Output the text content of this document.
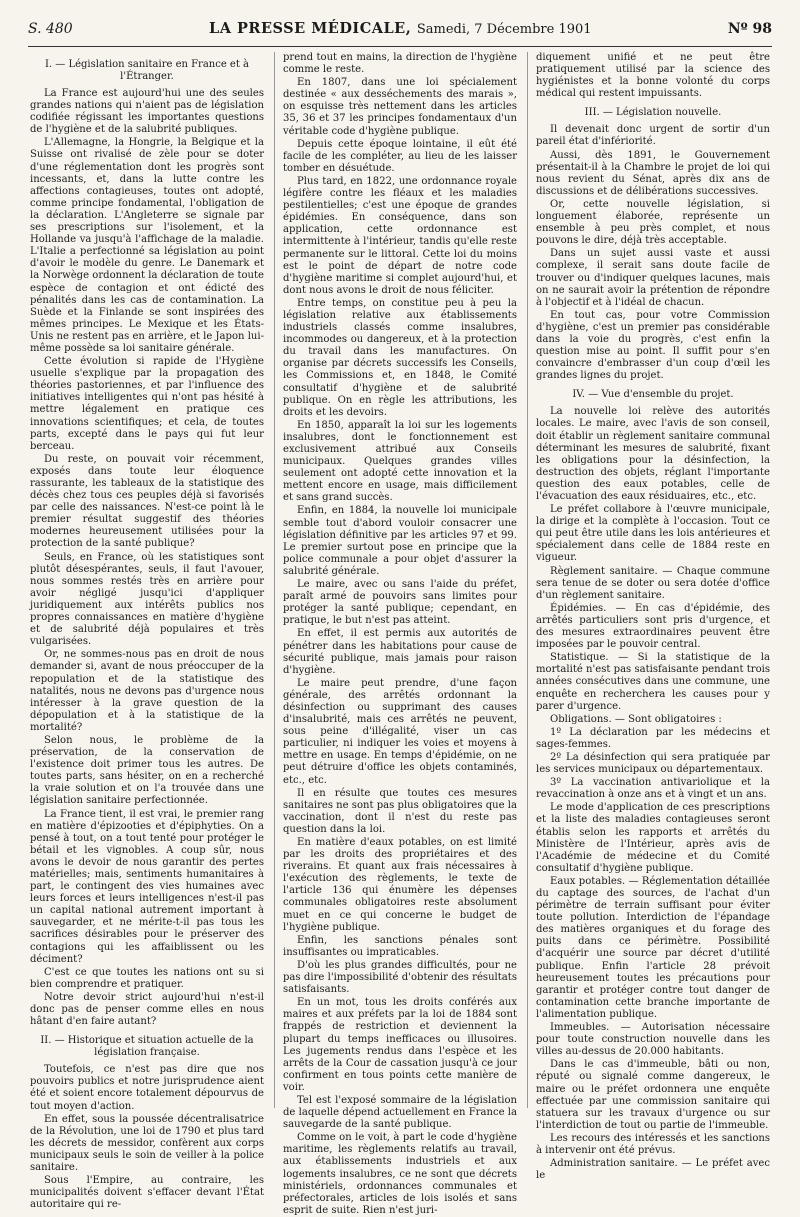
S. 480	LA PRESSE MÉDICALE, Samedi, 7 Décembre 1901	Nº 98
I. — Législation sanitaire en France et à l'Étranger.

La France est aujourd'hui une des seules grandes nations qui n'aient pas de législation codifiée régissant les importantes questions de l'hygiène et de la salubrité publiques.

L'Allemagne, la Hongrie, la Belgique et la Suisse ont rivalisé de zèle pour se doter d'une réglementation dont les progrès sont incessants, et, dans la lutte contre les affections contagieuses, toutes ont adopté, comme principe fondamental, l'obligation de la déclaration. L'Angleterre se signale par ses prescriptions sur l'isolement, et la Hollande va jusqu'à l'affichage de la maladie. L'Italie a perfectionné sa législation au point d'avoir le modèle du genre. Le Danemark et la Norwège ordonnent la déclaration de toute espèce de contagion et ont édicté des pénalités dans les cas de contamination. La Suède et la Finlande se sont inspirées des mêmes principes. Le Mexique et les États-Unis ne restent pas en arrière, et le Japon lui-même possède sa loi sanitaire générale.

Cette évolution si rapide de l'Hygiène usuelle s'explique par la propagation des théories pastoriennes, et par l'influence des initiatives intelligentes qui n'ont pas hésité à mettre légalement en pratique ces innovations scientifiques; et cela, de toutes parts, excepté dans le pays qui fut leur berceau.

Du reste, on pouvait voir récemment, exposés dans toute leur éloquence rassurante, les tableaux de la statistique des décès chez tous ces peuples déjà si favorisés par celle des naissances. N'est-ce point là le premier résultat suggestif des théories modernes heureusement utilisées pour la protection de la santé publique?

Seuls, en France, où les statistiques sont plutôt désespérantes, seuls, il faut l'avouer, nous sommes restés très en arrière pour avoir négligé jusqu'ici d'appliquer juridiquement aux intérêts publics nos propres connaissances en matière d'hygiène et de salubrité déjà populaires et très vulgarisées.

Or, ne sommes-nous pas en droit de nous demander si, avant de nous préoccuper de la repopulation et de la statistique des natalités, nous ne devons pas d'urgence nous intéresser à la grave question de la dépopulation et à la statistique de la mortalité?

Selon nous, le problème de la préservation, de la conservation de l'existence doit primer tous les autres. De toutes parts, sans hésiter, on en a recherché la vraie solution et on l'a trouvée dans une législation sanitaire perfectionnée.

La France tient, il est vrai, le premier rang en matière d'épizooties et d'épiphyties. On a pensé à tout, on a tout tenté pour protéger le bétail et les vignobles. A coup sûr, nous avons le devoir de nous garantir des pertes matérielles; mais, sentiments humanitaires à part, le contingent des vies humaines avec leurs forces et leurs intelligences n'est-il pas un capital national autrement important à sauvegarder, et ne mérite-t-il pas tous les sacrifices désirables pour le préserver des contagions qui les affaiblissent ou les déciment?

C'est ce que toutes les nations ont su si bien comprendre et pratiquer.

Notre devoir strict aujourd'hui n'est-il donc pas de penser comme elles en nous hâtant d'en faire autant?

II. — Historique et situation actuelle de la législation française.

Toutefois, ce n'est pas dire que nos pouvoirs publics et notre jurisprudence aient été et soient encore totalement dépourvus de tout moyen d'action.

En effet, sous la poussée décentralisatrice de la Révolution, une loi de 1790 et plus tard les décrets de messidor, confèrent aux corps municipaux seuls le soin de veiller à la police sanitaire.

Sous l'Empire, au contraire, les municipalités doivent s'effacer devant l'État autoritaire qui re-

prend tout en mains, la direction de l'hygiène comme le reste.

En 1807, dans une loi spécialement destinée « aux desséchements des marais », on esquisse très nettement dans les articles 35, 36 et 37 les principes fondamentaux d'un véritable code d'hygiène publique.

Depuis cette époque lointaine, il eût été facile de les compléter, au lieu de les laisser tomber en désuétude.

Plus tard, en 1822, une ordonnance royale légifère contre les fléaux et les maladies pestilentielles; c'est une époque de grandes épidémies. En conséquence, dans son application, cette ordonnance est intermittente à l'intérieur, tandis qu'elle reste permanente sur le littoral. Cette loi du moins est le point de départ de notre code d'hygiène maritime si complet aujourd'hui, et dont nous avons le droit de nous féliciter.

Entre temps, on constitue peu à peu la législation relative aux établissements industriels classés comme insalubres, incommodes ou dangereux, et à la protection du travail dans les manufactures. On organise par décrets successifs les Conseils, les Commissions et, en 1848, le Comité consultatif d'hygiène et de salubrité publique. On en règle les attributions, les droits et les devoirs.

En 1850, apparaît la loi sur les logements insalubres, dont le fonctionnement est exclusivement attribué aux Conseils municipaux. Quelques grandes villes seulement ont adopté cette innovation et la mettent encore en usage, mais difficilement et sans grand succès.

Enfin, en 1884, la nouvelle loi municipale semble tout d'abord vouloir consacrer une législation définitive par les articles 97 et 99. Le premier surtout pose en principe que la police communale a pour objet d'assurer la salubrité générale.

Le maire, avec ou sans l'aide du préfet, paraît armé de pouvoirs sans limites pour protéger la santé publique; cependant, en pratique, le but n'est pas atteint.

En effet, il est permis aux autorités de pénétrer dans les habitations pour cause de sécurité publique, mais jamais pour raison d'hygiène.

Le maire peut prendre, d'une façon générale, des arrêtés ordonnant la désinfection ou supprimant des causes d'insalubrité, mais ces arrêtés ne peuvent, sous peine d'illégalité, viser un cas particulier, ni indiquer les voies et moyens à mettre en usage. En temps d'épidémie, on ne peut détruire d'office les objets contaminés, etc., etc.

Il en résulte que toutes ces mesures sanitaires ne sont pas plus obligatoires que la vaccination, dont il n'est du reste pas question dans la loi.

En matière d'eaux potables, on est limité par les droits des propriétaires et des riverains. Et quant aux frais nécessaires à l'exécution des règlements, le texte de l'article 136 qui énumère les dépenses communales obligatoires reste absolument muet en ce qui concerne le budget de l'hygiène publique.

Enfin, les sanctions pénales sont insuffisantes ou impraticables.

D'où les plus grandes difficultés, pour ne pas dire l'impossibilité d'obtenir des résultats satisfaisants.

En un mot, tous les droits conférés aux maires et aux préfets par la loi de 1884 sont frappés de restriction et deviennent la plupart du temps inefficaces ou illusoires. Les jugements rendus dans l'espèce et les arrêts de la Cour de cassation jusqu'à ce jour confirment en tous points cette manière de voir.

Tel est l'exposé sommaire de la législation de laquelle dépend actuellement en France la sauvegarde de la santé publique.

Comme on le voit, à part le code d'hygiène maritime, les règlements relatifs au travail, aux établissements industriels et aux logements insalubres, ce ne sont que décrets ministériels, ordonnances communales et préfectorales, articles de lois isolés et sans esprit de suite. Rien n'est juri-

diquement unifié et ne peut être pratiquement utilisé par la science des hygiénistes et la bonne volonté du corps médical qui restent impuissants.

III. — Législation nouvelle.

Il devenait donc urgent de sortir d'un pareil état d'infériorité.

Aussi, dès 1891, le Gouvernement présentait-il à la Chambre le projet de loi qui nous revient du Sénat, après dix ans de discussions et de délibérations successives.

Or, cette nouvelle législation, si longuement élaborée, représente un ensemble à peu près complet, et nous pouvons le dire, déjà très acceptable.

Dans un sujet aussi vaste et aussi complexe, il serait sans doute facile de trouver ou d'indiquer quelques lacunes, mais on ne saurait avoir la prétention de répondre à l'objectif et à l'idéal de chacun.

En tout cas, pour votre Commission d'hygiène, c'est un premier pas considérable dans la voie du progrès, c'est enfin la question mise au point. Il suffit pour s'en convaincre d'embrasser d'un coup d'œil les grandes lignes du projet.

IV. — Vue d'ensemble du projet.

La nouvelle loi relève des autorités locales. Le maire, avec l'avis de son conseil, doit établir un règlement sanitaire communal déterminant les mesures de salubrité, fixant les obligations pour la désinfection, la destruction des objets, réglant l'importante question des eaux potables, celle de l'évacuation des eaux résiduaires, etc., etc.

Le préfet collabore à l'œuvre municipale, la dirige et la complète à l'occasion. Tout ce qui peut être utile dans les lois antérieures et spécialement dans celle de 1884 reste en vigueur.

Règlement sanitaire. — Chaque commune sera tenue de se doter ou sera dotée d'office d'un règlement sanitaire.

Épidémies. — En cas d'épidémie, des arrêtés particuliers sont pris d'urgence, et des mesures extraordinaires peuvent être imposées par le pouvoir central.

Statistique. — Si la statistique de la mortalité n'est pas satisfaisante pendant trois années consécutives dans une commune, une enquête en recherchera les causes pour y parer d'urgence.

Obligations. — Sont obligatoires :

1º La déclaration par les médecins et sages-femmes.

2º La désinfection qui sera pratiquée par les services municipaux ou départementaux.

3º La vaccination antivariolique et la revaccination à onze ans et à vingt et un ans.

Le mode d'application de ces prescriptions et la liste des maladies contagieuses seront établis selon les rapports et arrêtés du Ministère de l'Intérieur, après avis de l'Académie de médecine et du Comité consultatif d'hygiène publique.

Eaux potables. — Réglementation détaillée du captage des sources, de l'achat d'un périmètre de terrain suffisant pour éviter toute pollution. Interdiction de l'épandage des matières organiques et du forage des puits dans ce périmètre. Possibilité d'acquérir une source par décret d'utilité publique. Enfin l'article 28 prévoit heureusement toutes les précautions pour garantir et protéger contre tout danger de contamination cette branche importante de l'alimentation publique.

Immeubles. — Autorisation nécessaire pour toute construction nouvelle dans les villes au-dessus de 20.000 habitants.

Dans le cas d'immeuble, bâti ou non, réputé ou signalé comme dangereux, le maire ou le préfet ordonnera une enquête effectuée par une commission sanitaire qui statuera sur les travaux d'urgence ou sur l'interdiction de tout ou partie de l'immeuble.

Les recours des intéressés et les sanctions à intervenir ont été prévus.

Administration sanitaire. — Le préfet avec le
